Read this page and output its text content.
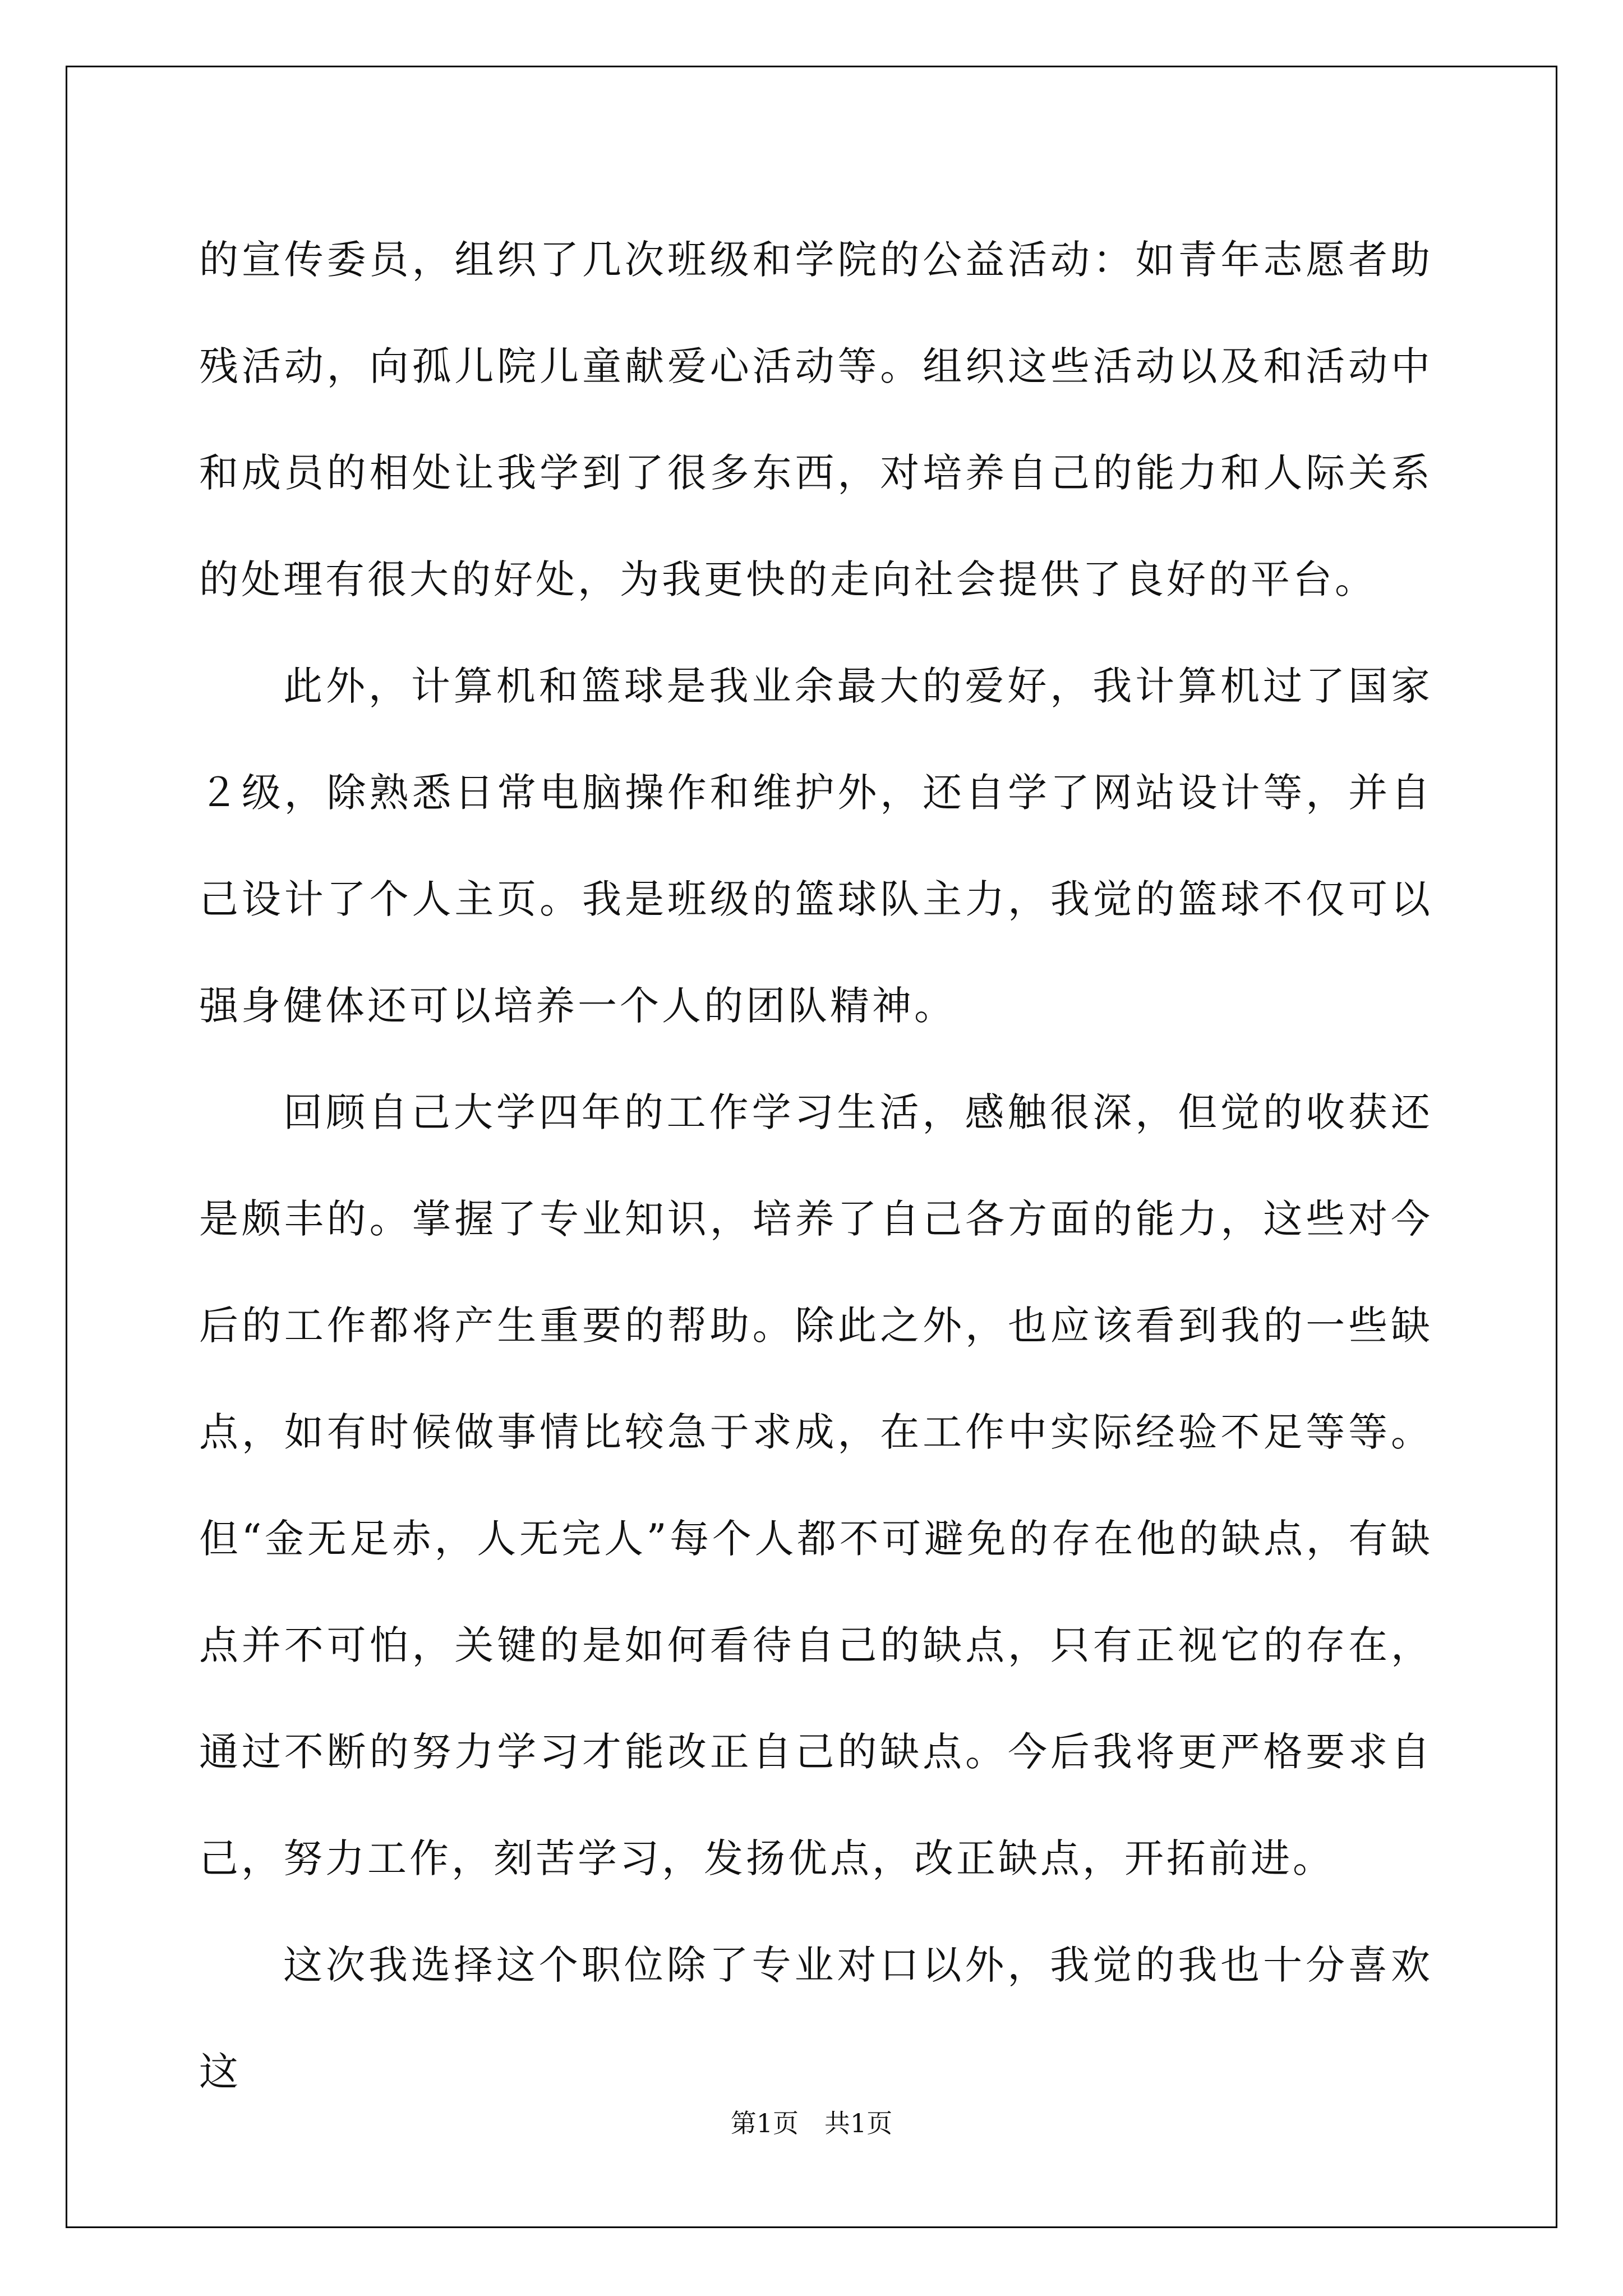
的宣传委员，组织了几次班级和学院的公益活动：如青年志愿者助残活动，向孤儿院儿童献爱心活动等。组织这些活动以及和活动中和成员的相处让我学到了很多东西，对培养自己的能力和人际关系的处理有很大的好处，为我更快的走向社会提供了良好的平台。

此外，计算机和篮球是我业余最大的爱好，我计算机过了国家２级，除熟悉日常电脑操作和维护外，还自学了网站设计等，并自己设计了个人主页。我是班级的篮球队主力，我觉的篮球不仅可以强身健体还可以培养一个人的团队精神。

回顾自己大学四年的工作学习生活，感触很深，但觉的收获还是颇丰的。掌握了专业知识，培养了自己各方面的能力，这些对今后的工作都将产生重要的帮助。除此之外，也应该看到我的一些缺点，如有时候做事情比较急于求成，在工作中实际经验不足等等。但“金无足赤，人无完人”每个人都不可避免的存在他的缺点，有缺点并不可怕，关键的是如何看待自己的缺点，只有正视它的存在，通过不断的努力学习才能改正自己的缺点。今后我将更严格要求自己，努力工作，刻苦学习，发扬优点，改正缺点，开拓前进。

这次我选择这个职位除了专业对口以外，我觉的我也十分喜欢这

第1页　共1页
